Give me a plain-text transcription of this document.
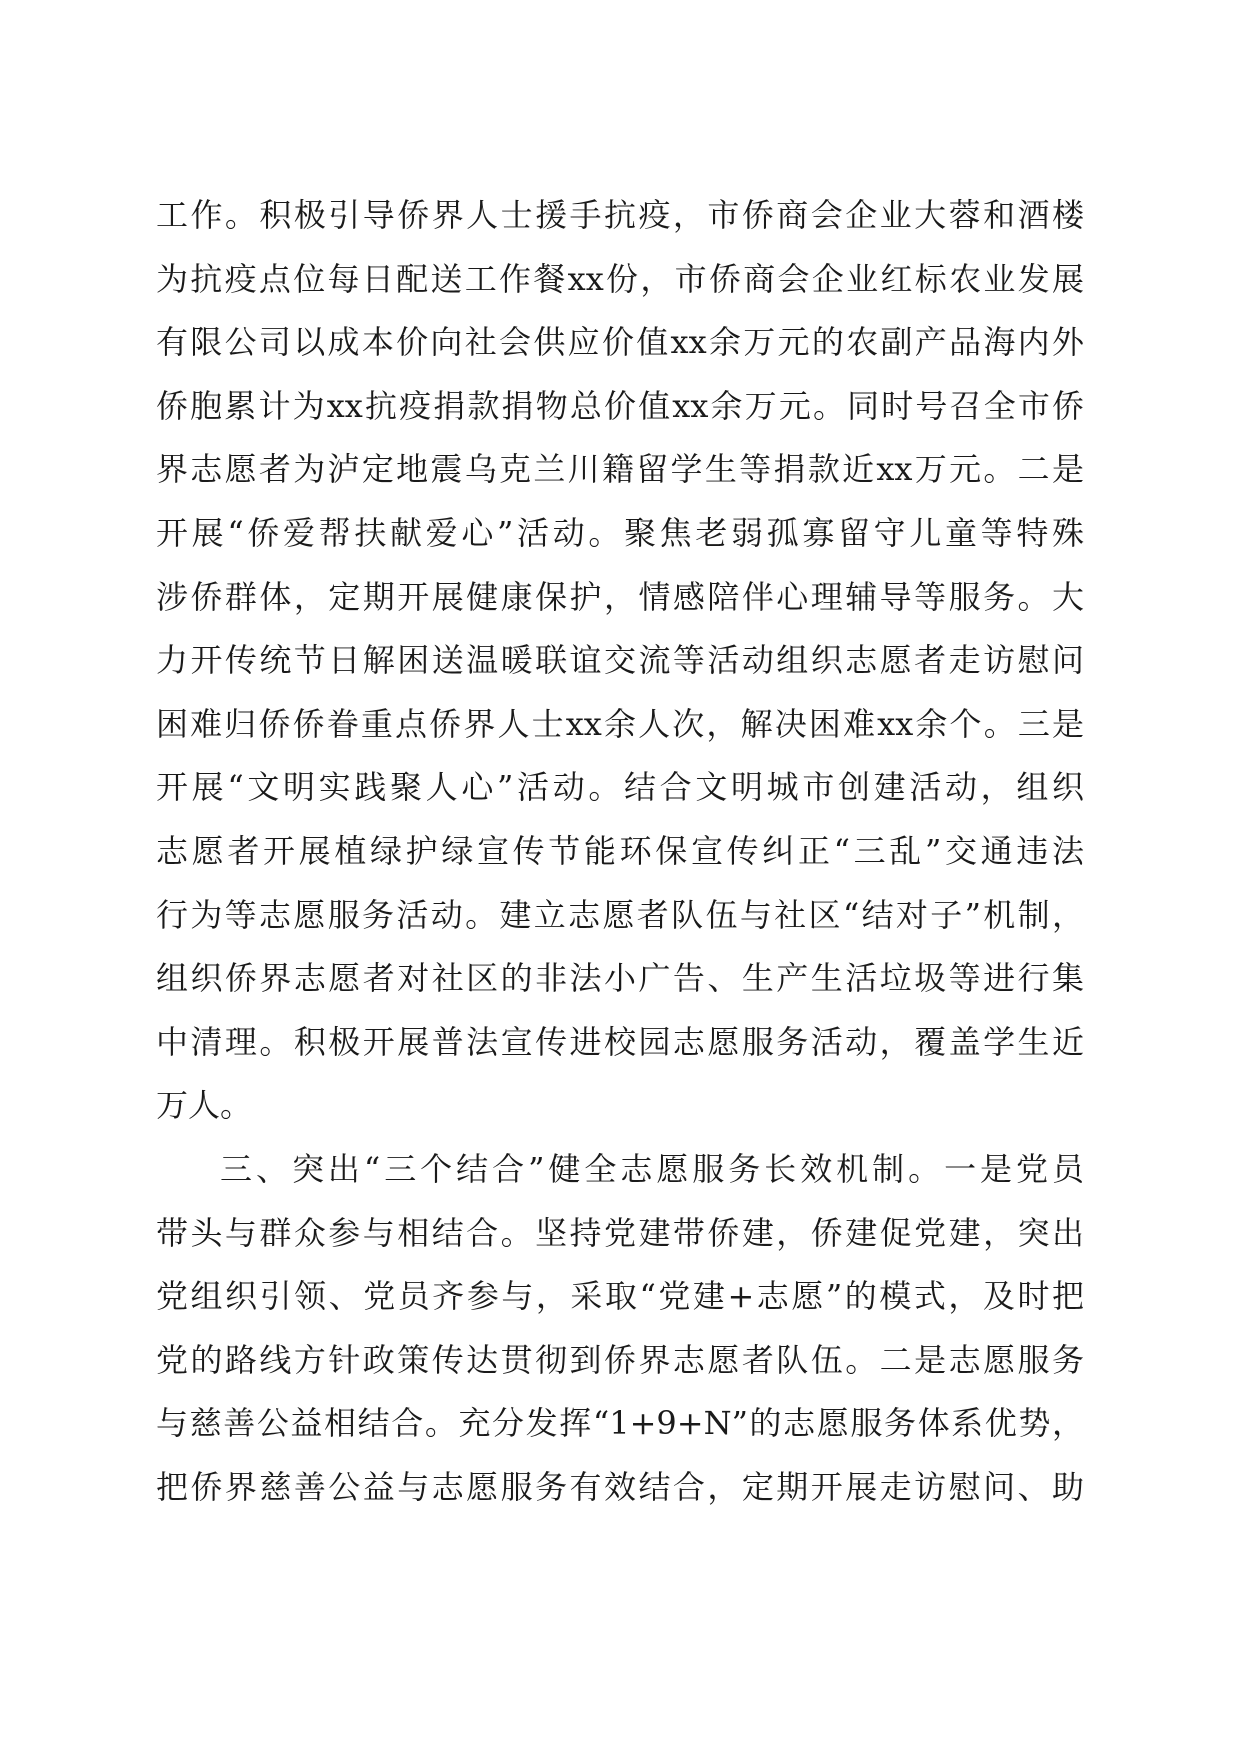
工作。积极引导侨界人士援手抗疫，市侨商会企业大蓉和酒楼
为抗疫点位每日配送工作餐xx份，市侨商会企业红标农业发展
有限公司以成本价向社会供应价值xx余万元的农副产品海内外
侨胞累计为xx抗疫捐款捐物总价值xx余万元。同时号召全市侨
界志愿者为泸定地震乌克兰川籍留学生等捐款近xx万元。二是
开展“侨爱帮扶献爱心”活动。聚焦老弱孤寡留守儿童等特殊
涉侨群体，定期开展健康保护，情感陪伴心理辅导等服务。大
力开传统节日解困送温暖联谊交流等活动组织志愿者走访慰问
困难归侨侨眷重点侨界人士xx余人次，解决困难xx余个。三是
开展“文明实践聚人心”活动。结合文明城市创建活动，组织
志愿者开展植绿护绿宣传节能环保宣传纠正“三乱”交通违法
行为等志愿服务活动。建立志愿者队伍与社区“结对子”机制，
组织侨界志愿者对社区的非法小广告、生产生活垃圾等进行集
中清理。积极开展普法宣传进校园志愿服务活动，覆盖学生近
万人。
三、突出“三个结合”健全志愿服务长效机制。一是党员
带头与群众参与相结合。坚持党建带侨建，侨建促党建，突出
党组织引领、党员齐参与，采取“党建+志愿”的模式，及时把
党的路线方针政策传达贯彻到侨界志愿者队伍。二是志愿服务
与慈善公益相结合。充分发挥“1+9+N”的志愿服务体系优势，
把侨界慈善公益与志愿服务有效结合，定期开展走访慰问、助
